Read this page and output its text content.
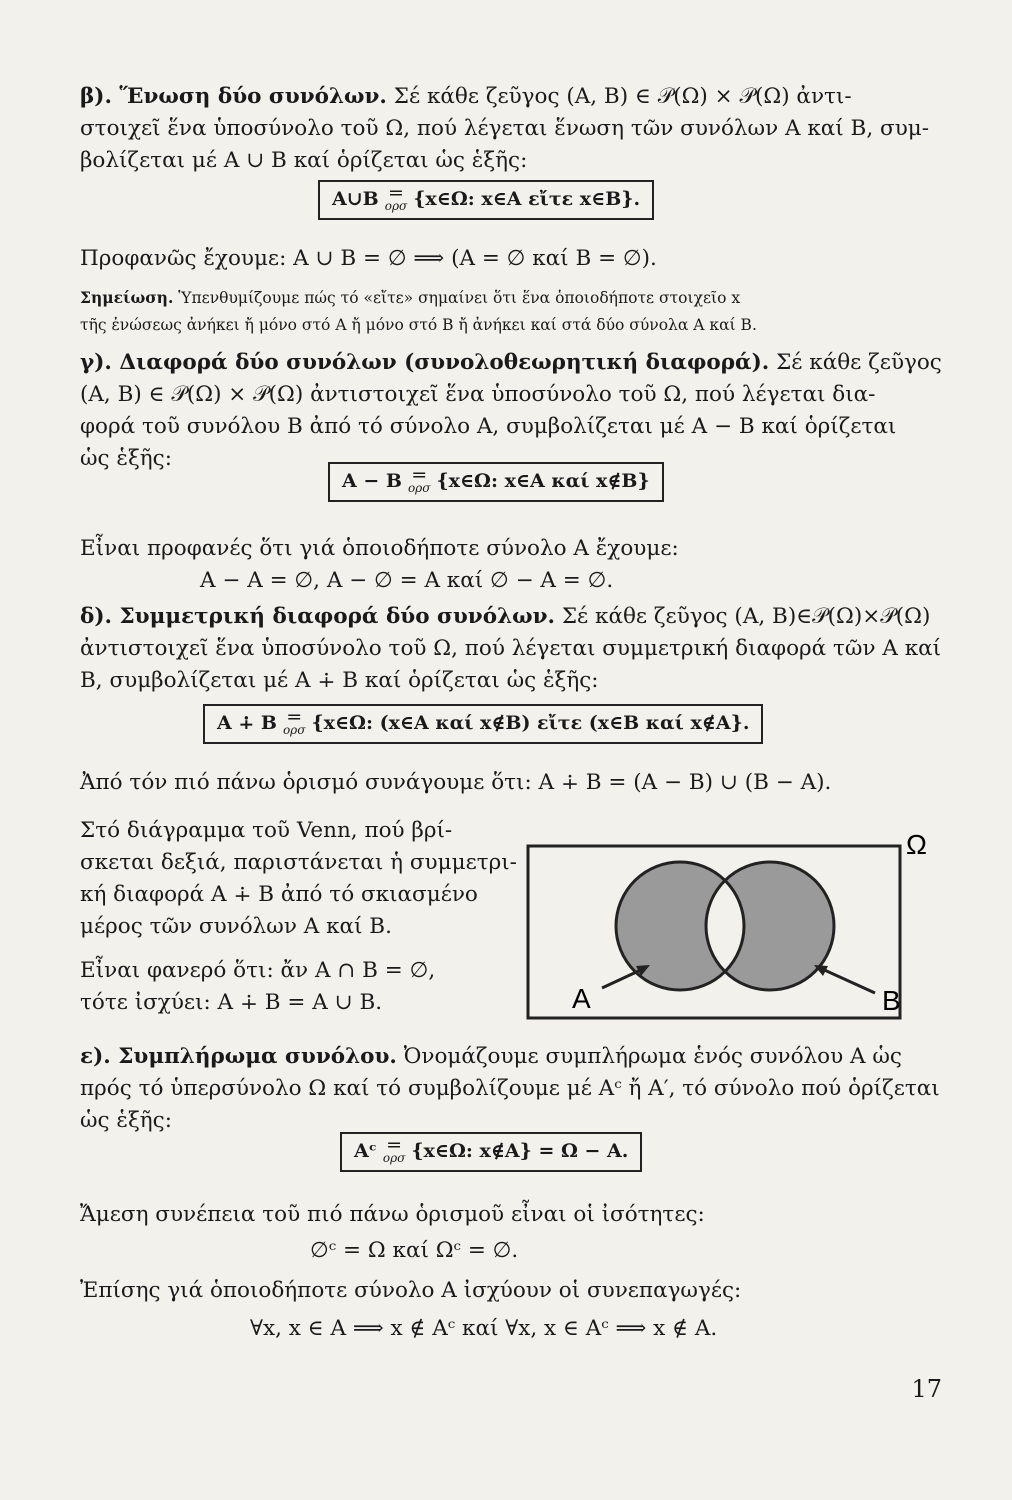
β). Ἕνωση δύο συνόλων. Σέ κάθε ζεῦγος (A, B) ∈ 𝒫(Ω) × 𝒫(Ω) ἀντι-
στοιχεῖ ἕνα ὑποσύνολο τοῦ Ω, πού λέγεται ἕνωση τῶν συνόλων A καί B, συμ-
βολίζεται μέ A ∪ B καί ὁρίζεται ὡς ἑξῆς:
A∪B =
ορσ {x∈Ω: x∈A εἴτε x∈B}.
Προφανῶς ἔχουμε: A ∪ B = ∅ ⟹ (A = ∅ καί B = ∅).
Σημείωση. Ὑπενθυμίζουμε πώς τό «εἴτε» σημαίνει ὅτι ἕνα ὁποιοδήποτε στοιχεῖο x
τῆς ἐνώσεως ἀνήκει ἤ μόνο στό A ἤ μόνο στό B ἤ ἀνήκει καί στά δύο σύνολα A καί B.
γ). Διαφορά δύο συνόλων (συνολοθεωρητική διαφορά). Σέ κάθε ζεῦγος
(A, B) ∈ 𝒫(Ω) × 𝒫(Ω) ἀντιστοιχεῖ ἕνα ὑποσύνολο τοῦ Ω, πού λέγεται δια-
φορά τοῦ συνόλου B ἀπό τό σύνολο A, συμβολίζεται μέ A − B καί ὁρίζεται
ὡς ἑξῆς:
A − B =
ορσ {x∈Ω: x∈A καί x∉B}
Εἶναι προφανές ὅτι γιά ὁποιοδήποτε σύνολο A ἔχουμε:
A − A = ∅, A − ∅ = A καί ∅ − A = ∅.
δ). Συμμετρική διαφορά δύο συνόλων. Σέ κάθε ζεῦγος (A, B)∈𝒫(Ω)×𝒫(Ω)
ἀντιστοιχεῖ ἕνα ὑποσύνολο τοῦ Ω, πού λέγεται συμμετρική διαφορά τῶν A καί
B, συμβολίζεται μέ A ∔ B καί ὁρίζεται ὡς ἑξῆς:
A ∔ B =
ορσ {x∈Ω: (x∈A καί x∉B) εἴτε (x∈B καί x∉A}.
Ἀπό τόν πιό πάνω ὁρισμό συνάγουμε ὅτι: A ∔ B = (A − B) ∪ (B − A).
Στό διάγραμμα τοῦ Venn, πού βρί-
σκεται δεξιά, παριστάνεται ἡ συμμετρι-
κή διαφορά A ∔ B ἀπό τό σκιασμένο
μέρος τῶν συνόλων A καί B.
Εἶναι φανερό ὅτι: ἄν A ∩ B = ∅,
τότε ἰσχύει: A ∔ B = A ∪ B.
Ω
A	B
ε). Συμπλήρωμα συνόλου. Ὀνομάζουμε συμπλήρωμα ἑνός συνόλου A ὡς
πρός τό ὑπερσύνολο Ω καί τό συμβολίζουμε μέ Aᶜ ἤ A′, τό σύνολο πού ὁρίζεται
ὡς ἑξῆς:
Aᶜ =
ορσ {x∈Ω: x∉A} = Ω − A.
Ἄμεση συνέπεια τοῦ πιό πάνω ὁρισμοῦ εἶναι οἱ ἰσότητες:
∅ᶜ = Ω καί Ωᶜ = ∅.
Ἐπίσης γιά ὁποιοδήποτε σύνολο A ἰσχύουν οἱ συνεπαγωγές:
∀x, x ∈ A ⟹ x ∉ Aᶜ καί ∀x, x ∈ Aᶜ ⟹ x ∉ A.
17
